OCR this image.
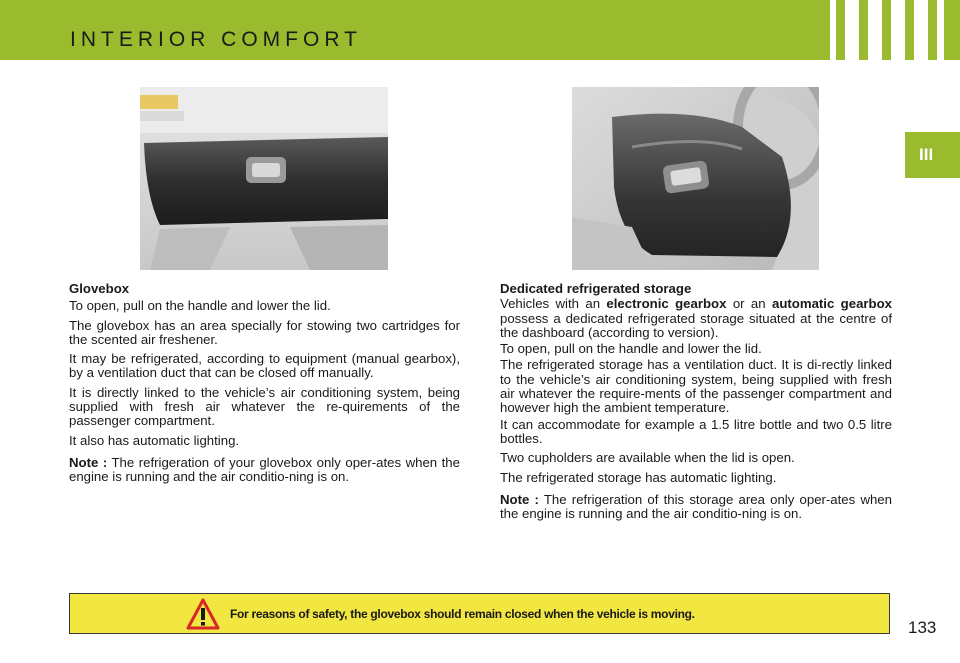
INTERIOR COMFORT
III
Glovebox

To open, pull on the handle and lower the lid.

The glovebox has an area specially for stowing two cartridges for the scented air freshener.

It may be refrigerated, according to equipment (manual gearbox), by a ventilation duct that can be closed off manually.

It is directly linked to the vehicle’s air conditioning system, being supplied with fresh air whatever the re-quirements of the passenger compartment.

It also has automatic lighting.

Note : The refrigeration of your glovebox only oper-ates when the engine is running and the air conditio-ning is on.

Dedicated refrigerated storage

Vehicles with an electronic gearbox or an automatic gearbox possess a dedicated refrigerated storage situated at the centre of the dashboard (according to version).

To open, pull on the handle and lower the lid.

The refrigerated storage has a ventilation duct. It is di-rectly linked to the vehicle’s air conditioning system, being supplied with fresh air whatever the require-ments of the passenger compartment and however high the ambient temperature.

It can accommodate for example a 1.5 litre bottle and two 0.5 litre bottles.

Two cupholders are available when the lid is open.

The refrigerated storage has automatic lighting.

Note : The refrigeration of this storage area only oper-ates when the engine is running and the air conditio-ning is on.

For reasons of safety, the glovebox should remain closed when the vehicle is moving.
133
